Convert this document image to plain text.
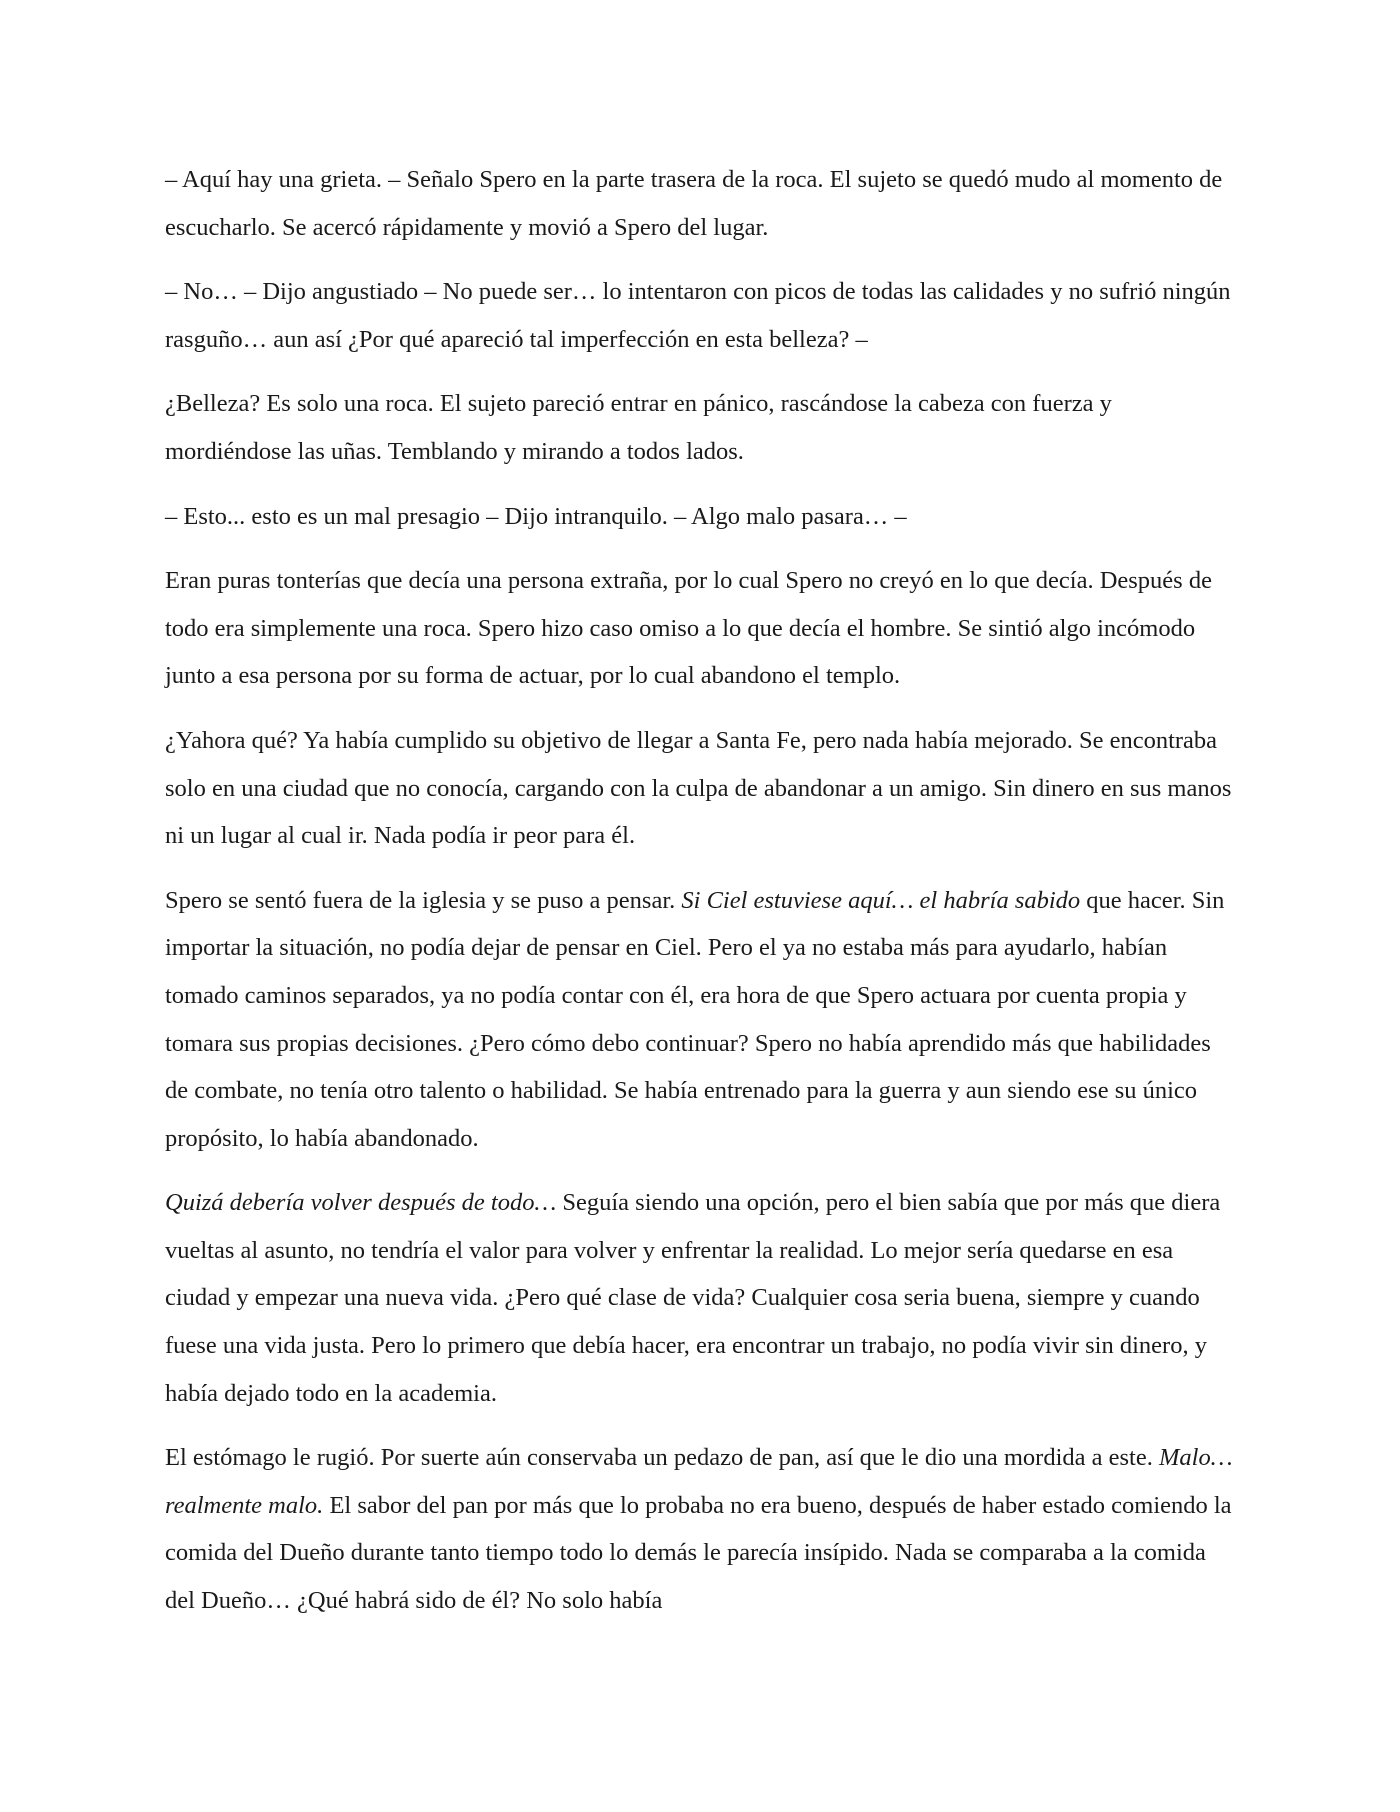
– Aquí hay una grieta. – Señalo Spero en la parte trasera de la roca. El sujeto se quedó mudo al momento de escucharlo. Se acercó rápidamente y movió a Spero del lugar.

– No… – Dijo angustiado – No puede ser… lo intentaron con picos de todas las calidades y no sufrió ningún rasguño… aun así ¿Por qué apareció tal imperfección en esta belleza? –

¿Belleza? Es solo una roca. El sujeto pareció entrar en pánico, rascándose la cabeza con fuerza y mordiéndose las uñas. Temblando y mirando a todos lados.

– Esto... esto es un mal presagio – Dijo intranquilo. – Algo malo pasara… –

Eran puras tonterías que decía una persona extraña, por lo cual Spero no creyó en lo que decía. Después de todo era simplemente una roca. Spero hizo caso omiso a lo que decía el hombre. Se sintió algo incómodo junto a esa persona por su forma de actuar, por lo cual abandono el templo.

¿Yahora qué? Ya había cumplido su objetivo de llegar a Santa Fe, pero nada había mejorado. Se encontraba solo en una ciudad que no conocía, cargando con la culpa de abandonar a un amigo. Sin dinero en sus manos ni un lugar al cual ir. Nada podía ir peor para él.

Spero se sentó fuera de la iglesia y se puso a pensar. Si Ciel estuviese aquí… el habría sabido que hacer. Sin importar la situación, no podía dejar de pensar en Ciel. Pero el ya no estaba más para ayudarlo, habían tomado caminos separados, ya no podía contar con él, era hora de que Spero actuara por cuenta propia y tomara sus propias decisiones. ¿Pero cómo debo continuar? Spero no había aprendido más que habilidades de combate, no tenía otro talento o habilidad. Se había entrenado para la guerra y aun siendo ese su único propósito, lo había abandonado.

Quizá debería volver después de todo… Seguía siendo una opción, pero el bien sabía que por más que diera vueltas al asunto, no tendría el valor para volver y enfrentar la realidad. Lo mejor sería quedarse en esa ciudad y empezar una nueva vida. ¿Pero qué clase de vida? Cualquier cosa seria buena, siempre y cuando fuese una vida justa. Pero lo primero que debía hacer, era encontrar un trabajo, no podía vivir sin dinero, y había dejado todo en la academia.

El estómago le rugió. Por suerte aún conservaba un pedazo de pan, así que le dio una mordida a este. Malo… realmente malo. El sabor del pan por más que lo probaba no era bueno, después de haber estado comiendo la comida del Dueño durante tanto tiempo todo lo demás le parecía insípido. Nada se comparaba a la comida del Dueño… ¿Qué habrá sido de él? No solo había
